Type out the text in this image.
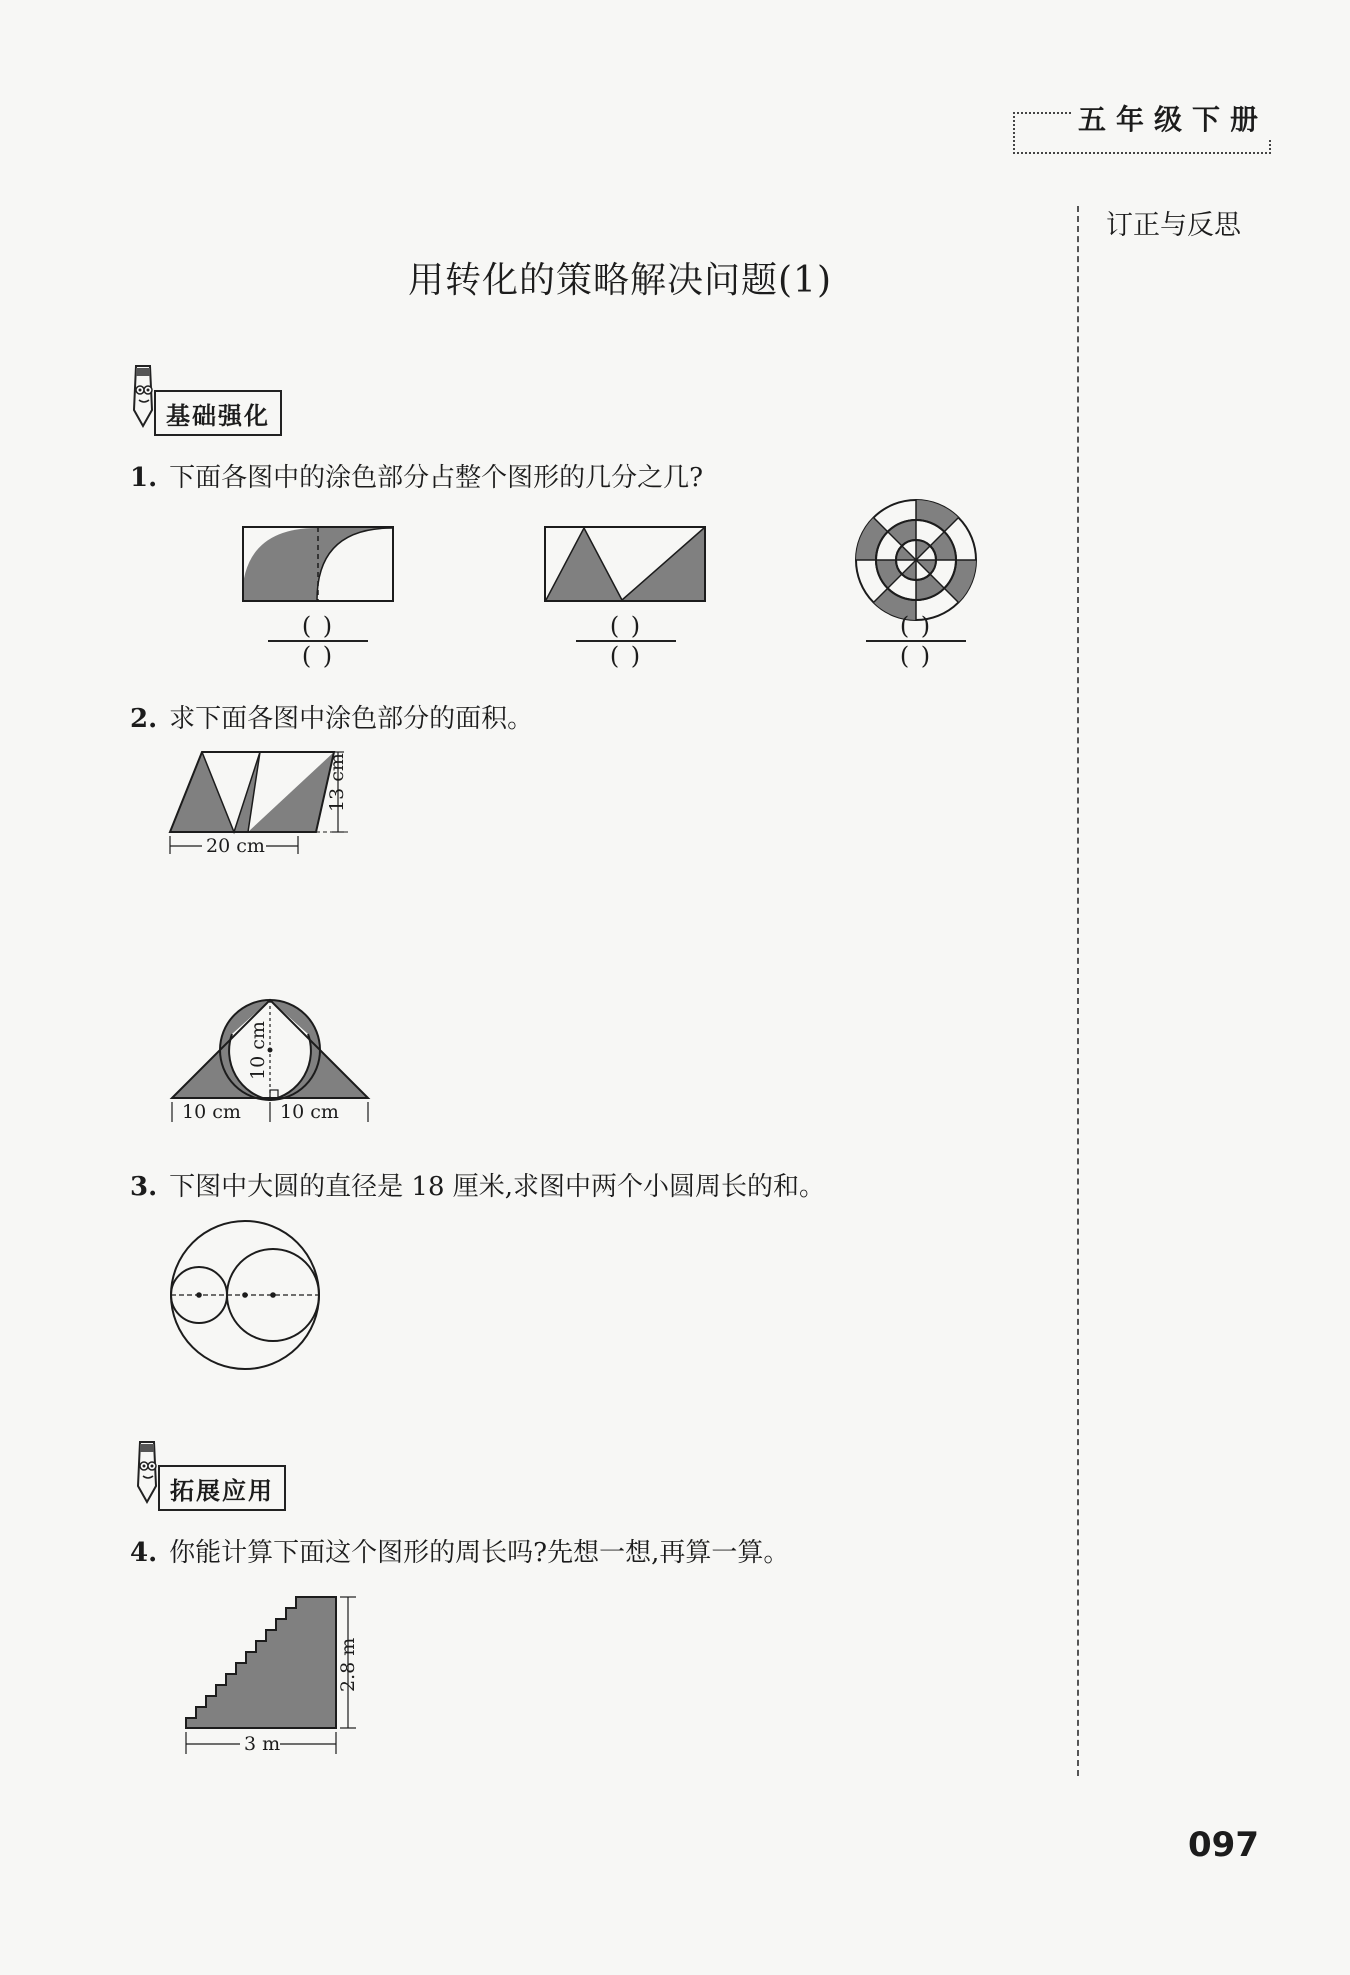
五年级下册
订正与反思
用转化的策略解决问题(1)
基础强化
1. 下面各图中的涂色部分占整个图形的几分之几?
( )
( )
( )
( )
( )
( )
2. 求下面各图中涂色部分的面积。
13 cm
20 cm
10 cm
10 cm 10 cm
3. 下图中大圆的直径是 18 厘米,求图中两个小圆周长的和。
拓展应用
4. 你能计算下面这个图形的周长吗?先想一想,再算一算。
2.8 m
3 m
097
